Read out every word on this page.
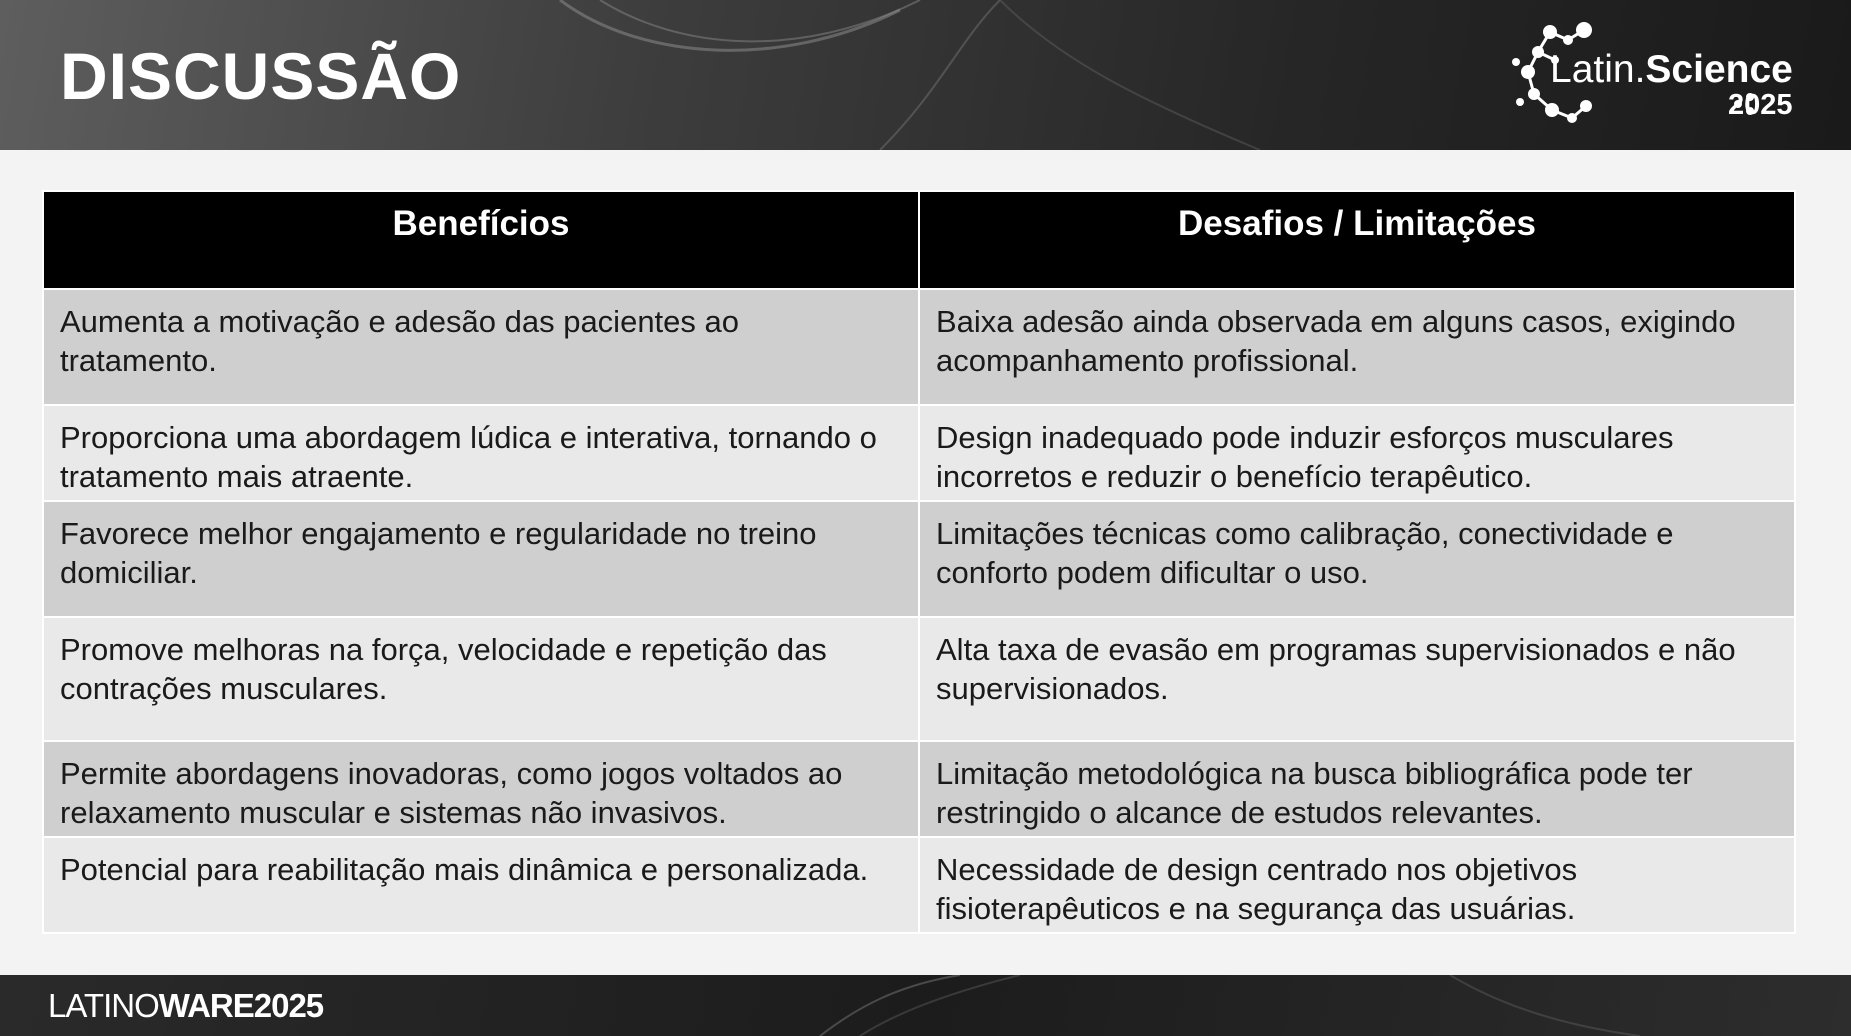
DISCUSSÃO	Latin.Science
2025
Benefícios	Desafios / Limitações
Aumenta a motivação e adesão das pacientes ao tratamento.	Baixa adesão ainda observada em alguns casos, exigindo acompanhamento profissional.
Proporciona uma abordagem lúdica e interativa, tornando o tratamento mais atraente.	Design inadequado pode induzir esforços musculares incorretos e reduzir o benefício terapêutico.
Favorece melhor engajamento e regularidade no treino domiciliar.	Limitações técnicas como calibração, conectividade e conforto podem dificultar o uso.
Promove melhoras na força, velocidade e repetição das contrações musculares.	Alta taxa de evasão em programas supervisionados e não supervisionados.
Permite abordagens inovadoras, como jogos voltados ao relaxamento muscular e sistemas não invasivos.	Limitação metodológica na busca bibliográfica pode ter restringido o alcance de estudos relevantes.
Potencial para reabilitação mais dinâmica e personalizada.	Necessidade de design centrado nos objetivos fisioterapêuticos e na segurança das usuárias.
LATINOWARE2025
